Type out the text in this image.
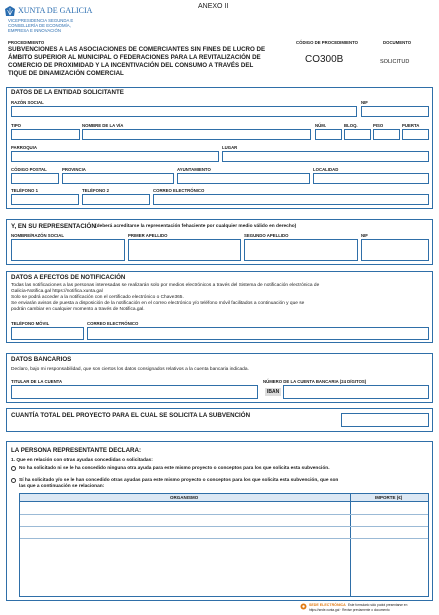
XUNTA DE GALICIA
VICEPRESIDENCIA SEGUNDA E
CONSELLERÍA DE ECONOMÍA,
EMPRESA E INNOVACIÓN
ANEXO II
PROCEDIMIENTO
SUBVENCIONES A LAS ASOCIACIONES DE COMERCIANTES SIN FINES DE LUCRO DE
ÁMBITO SUPERIOR AL MUNICIPAL O FEDERACIONES PARA LA REVITALIZACIÓN DE
COMERCIO DE PROXIMIDAD Y LA INCENTIVACIÓN DEL CONSUMO A TRAVÉS DEL
TIQUE DE DINAMIZACIÓN COMERCIAL
CÓDIGO DE PROCEDIMIENTO
CO300B
DOCUMENTO
SOLICITUD
DATOS DE LA ENTIDAD SOLICITANTE
RAZÓN SOCIAL	NIF
TIPO	NOMBRE DE LA VÍA	NÚM.	BLOQ.	PISO	PUERTA
PARROQUIA	LUGAR
CÓDIGO POSTAL	PROVINCIA	AYUNTAMIENTO	LOCALIDAD
TELÉFONO 1	TELÉFONO 2	CORREO ELECTRÓNICO
Y, EN SU REPRESENTACIÓN (deberá acreditarse la representación fehaciente por cualquier medio válido en derecho)
NOMBRE/RAZÓN SOCIAL	PRIMER APELLIDO	SEGUNDO APELLIDO	NIF
DATOS A EFECTOS DE NOTIFICACIÓN
Todas las notificaciones a las personas interesadas se realizarán solo por medios electrónicos a través del Sistema de notificación electrónica de
Galicia-Notifica.gal https://notifica.xunta.gal
Solo se podrá acceder a la notificación con el certificado electrónico o Chave365.
Se enviarán avisos de puesta a disposición de la notificación en el correo electrónico y/o teléfono móvil facilitados a continuación y que se
podrán cambiar en cualquier momento a través de Notifica.gal.
TELÉFONO MÓVIL	CORREO ELECTRÓNICO
DATOS BANCARIOS
Declaro, bajo mi responsabilidad, que son ciertos los datos consignados relativos a la cuenta bancaria indicada.
TITULAR DE LA CUENTA	NÚMERO DE LA CUENTA BANCARIA (24 DÍGITOS)
IBAN
CUANTÍA TOTAL DEL PROYECTO PARA EL CUAL SE SOLICITA LA SUBVENCIÓN
LA PERSONA REPRESENTANTE DECLARA:
1. Que en relación con otras ayudas concedidas o solicitadas:
No ha solicitado ni se le ha concedido ninguna otra ayuda para este mismo proyecto o conceptos para los que solicita esta subvención.
Sí ha solicitado y/o se le han concedido otras ayudas para este mismo proyecto o conceptos para los que solicita esta subvención, que son
las que a continuación se relacionan:
ORGANISMO	IMPORTE (€)
SEDE ELECTRÓNICA Este formulario sólo podrá presentarse en
https://sede.xunta.gal · Revise previamente o documento
